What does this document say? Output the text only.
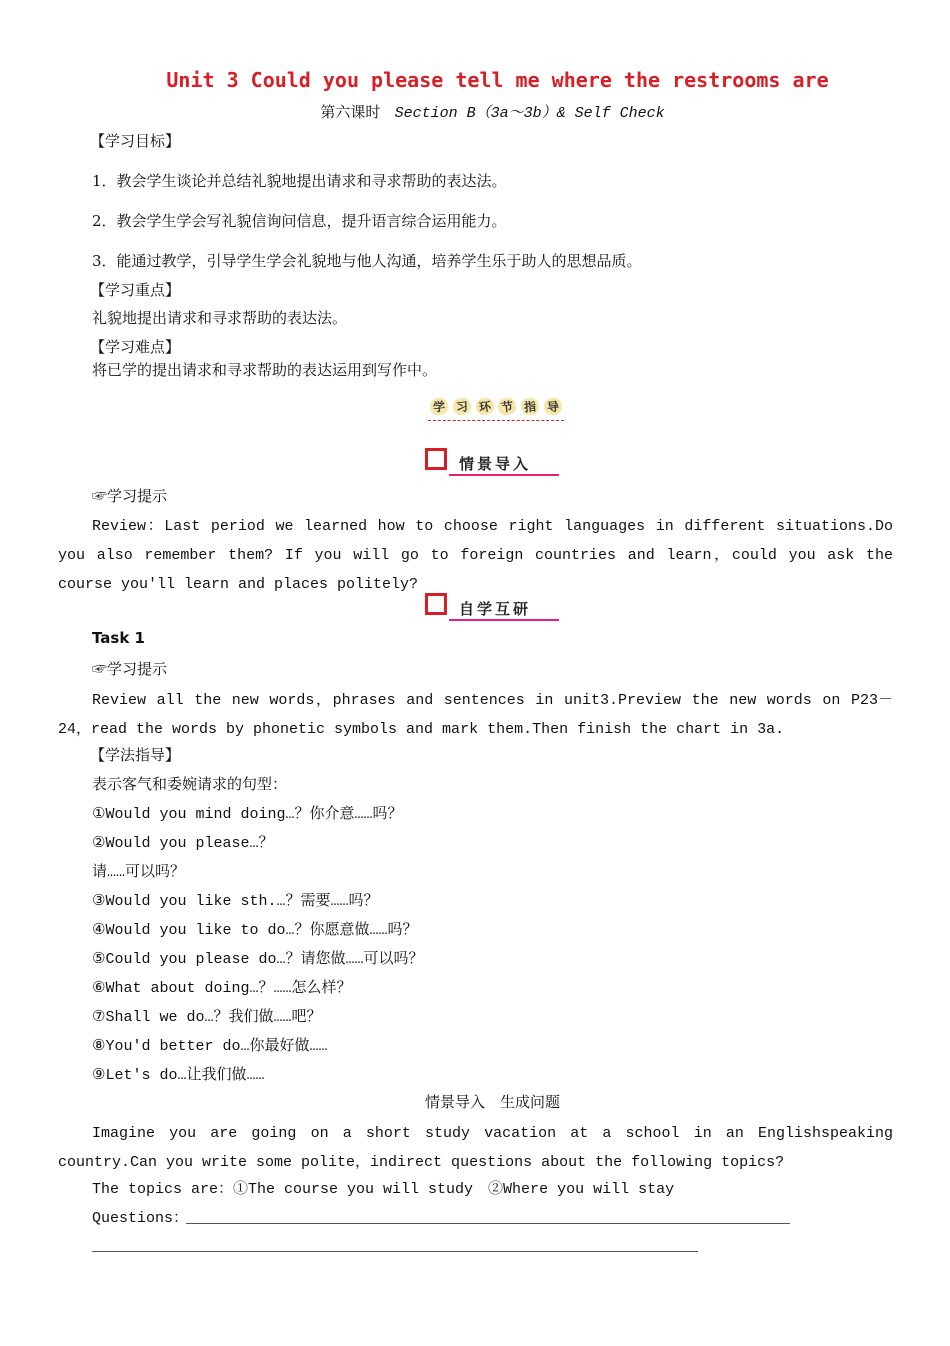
Unit 3 Could you please tell me where the restrooms are
第六课时 Section B（3a～3b）& Self Check
【学习目标】
1．教会学生谈论并总结礼貌地提出请求和寻求帮助的表达法。
2．教会学生学会写礼貌信询问信息，提升语言综合运用能力。
3．能通过教学，引导学生学会礼貌地与他人沟通，培养学生乐于助人的思想品质。
【学习重点】
礼貌地提出请求和寻求帮助的表达法。
【学习难点】
将已学的提出请求和寻求帮助的表达运用到写作中。
学 习 环 节 指 导
情景导入
☞学习提示
Review：Last period we learned how to choose right languages in different situations.Do you also remember them? If you will go to foreign countries and learn，could you ask the course you'll learn and places politely?
自学互研
Task 1
☞学习提示
Review all the new words，phrases and sentences in unit3.Preview the new words on P23－24，read the words by phonetic symbols and mark them.Then finish the chart in 3a.
【学法指导】
表示客气和委婉请求的句型：
①Would you mind doing…？你介意……吗？
②Would you please…？
请……可以吗？
③Would you like sth.…？需要……吗？
④Would you like to do…？你愿意做……吗？
⑤Could you please do…？请您做……可以吗？
⑥What about doing…？……怎么样？
⑦Shall we do…？我们做……吧？
⑧You'd better do…你最好做……
⑨Let's do…让我们做……
情景导入　生成问题
Imagine you are going on a short study vacation at a school in an Englishspeaking country.Can you write some polite，indirect questions about the following topics?
The topics are：①The course you will study　②Where you will stay
Questions：
